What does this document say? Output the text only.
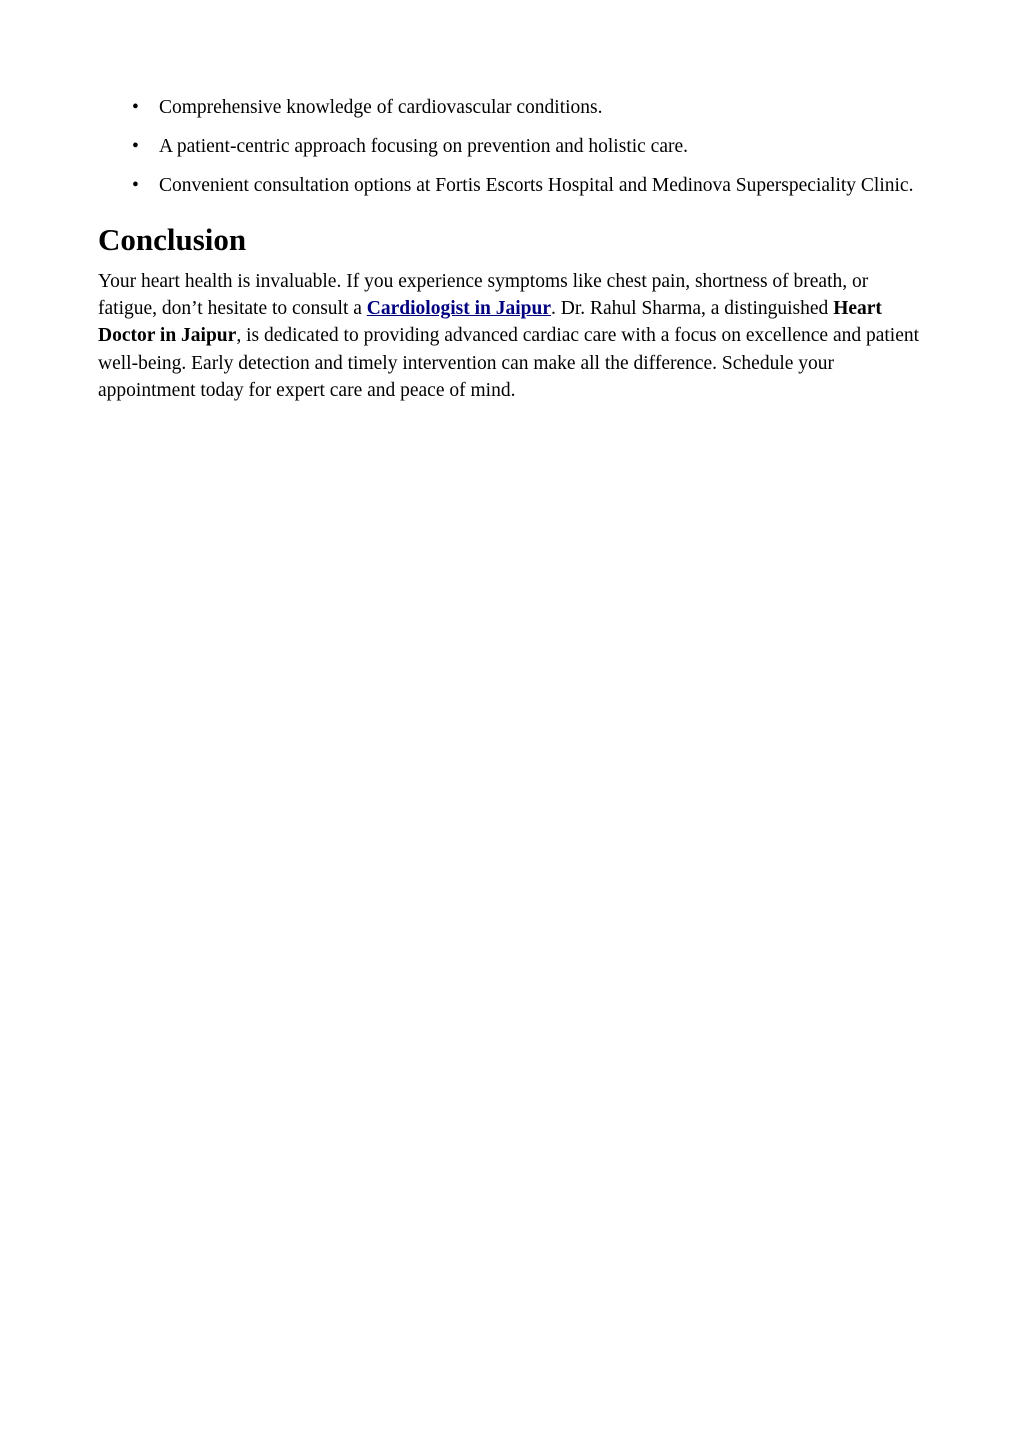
• Comprehensive knowledge of cardiovascular conditions.
• A patient-centric approach focusing on prevention and holistic care.
• Convenient consultation options at Fortis Escorts Hospital and Medinova Superspeciality Clinic.
Conclusion

Your heart health is invaluable. If you experience symptoms like chest pain, shortness of breath, or fatigue, don’t hesitate to consult a Cardiologist in Jaipur. Dr. Rahul Sharma, a distinguished Heart Doctor in Jaipur, is dedicated to providing advanced cardiac care with a focus on excellence and patient well-being. Early detection and timely intervention can make all the difference. Schedule your appointment today for expert care and peace of mind.
